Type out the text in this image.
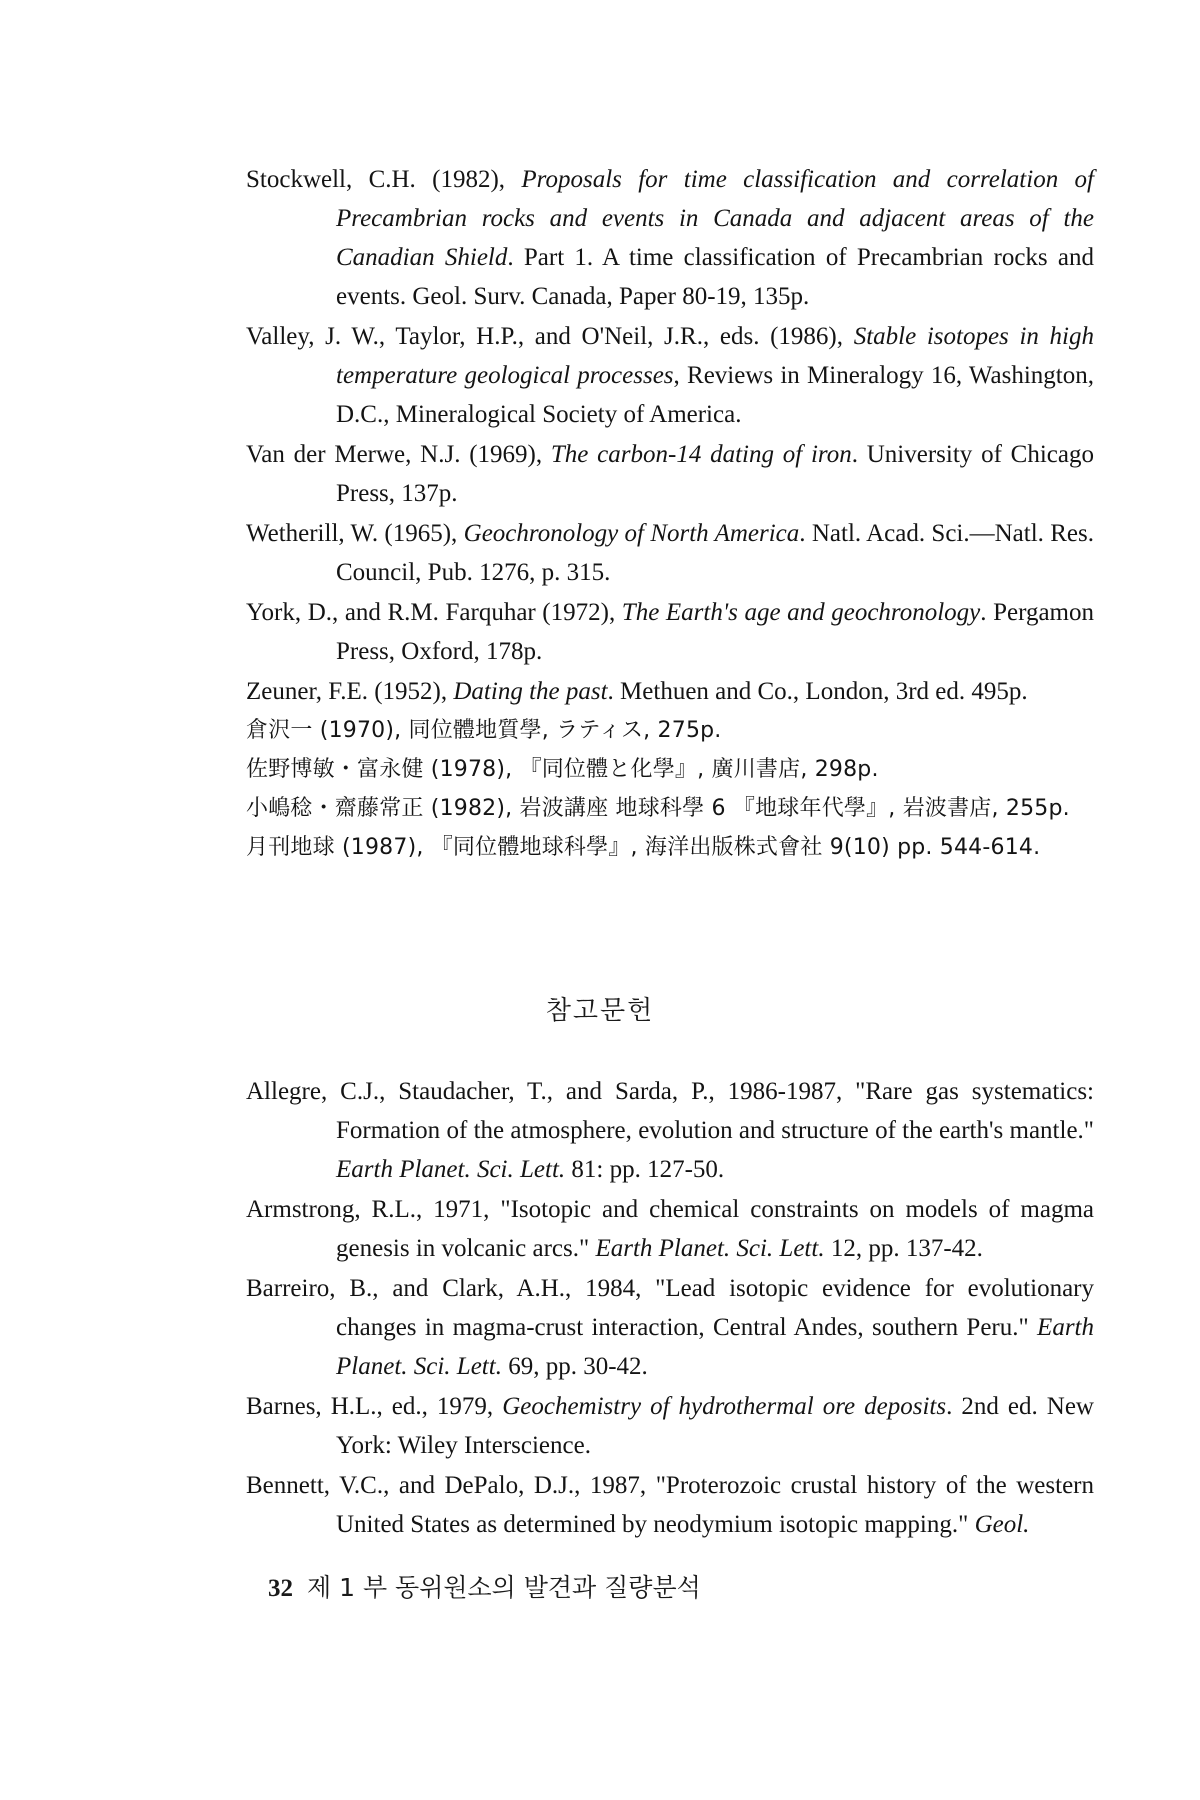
Stockwell, C.H. (1982), Proposals for time classification and correlation of Precambrian rocks and events in Canada and adjacent areas of the Canadian Shield. Part 1. A time classification of Precambrian rocks and events. Geol. Surv. Canada, Paper 80-19, 135p.

Valley, J. W., Taylor, H.P., and O'Neil, J.R., eds. (1986), Stable isotopes in high temperature geological processes, Reviews in Mineralogy 16, Washington, D.C., Mineralogical Society of America.

Van der Merwe, N.J. (1969), The carbon-14 dating of iron. University of Chicago Press, 137p.

Wetherill, W. (1965), Geochronology of North America. Natl. Acad. Sci.—Natl. Res. Council, Pub. 1276, p. 315.

York, D., and R.M. Farquhar (1972), The Earth's age and geochronology. Pergamon Press, Oxford, 178p.

Zeuner, F.E. (1952), Dating the past. Methuen and Co., London, 3rd ed. 495p.

倉沢一 (1970), 同位體地質學, ラティス, 275p.

佐野博敏・富永健 (1978), 『同位體と化學』, 廣川書店, 298p.

小嶋稔・齋藤常正 (1982), 岩波講座 地球科學 6 『地球年代學』, 岩波書店, 255p.

月刊地球 (1987), 『同位體地球科學』, 海洋出版株式會社 9(10) pp. 544-614.

참고문헌

Allegre, C.J., Staudacher, T., and Sarda, P., 1986-1987, "Rare gas systematics: Formation of the atmosphere, evolution and structure of the earth's mantle." Earth Planet. Sci. Lett. 81: pp. 127-50.

Armstrong, R.L., 1971, "Isotopic and chemical constraints on models of magma genesis in volcanic arcs." Earth Planet. Sci. Lett. 12, pp. 137-42.

Barreiro, B., and Clark, A.H., 1984, "Lead isotopic evidence for evolutionary changes in magma-crust interaction, Central Andes, southern Peru." Earth Planet. Sci. Lett. 69, pp. 30-42.

Barnes, H.L., ed., 1979, Geochemistry of hydrothermal ore deposits. 2nd ed. New York: Wiley Interscience.

Bennett, V.C., and DePalo, D.J., 1987, "Proterozoic crustal history of the western United States as determined by neodymium isotopic mapping." Geol.

32 제 1 부 동위원소의 발견과 질량분석
